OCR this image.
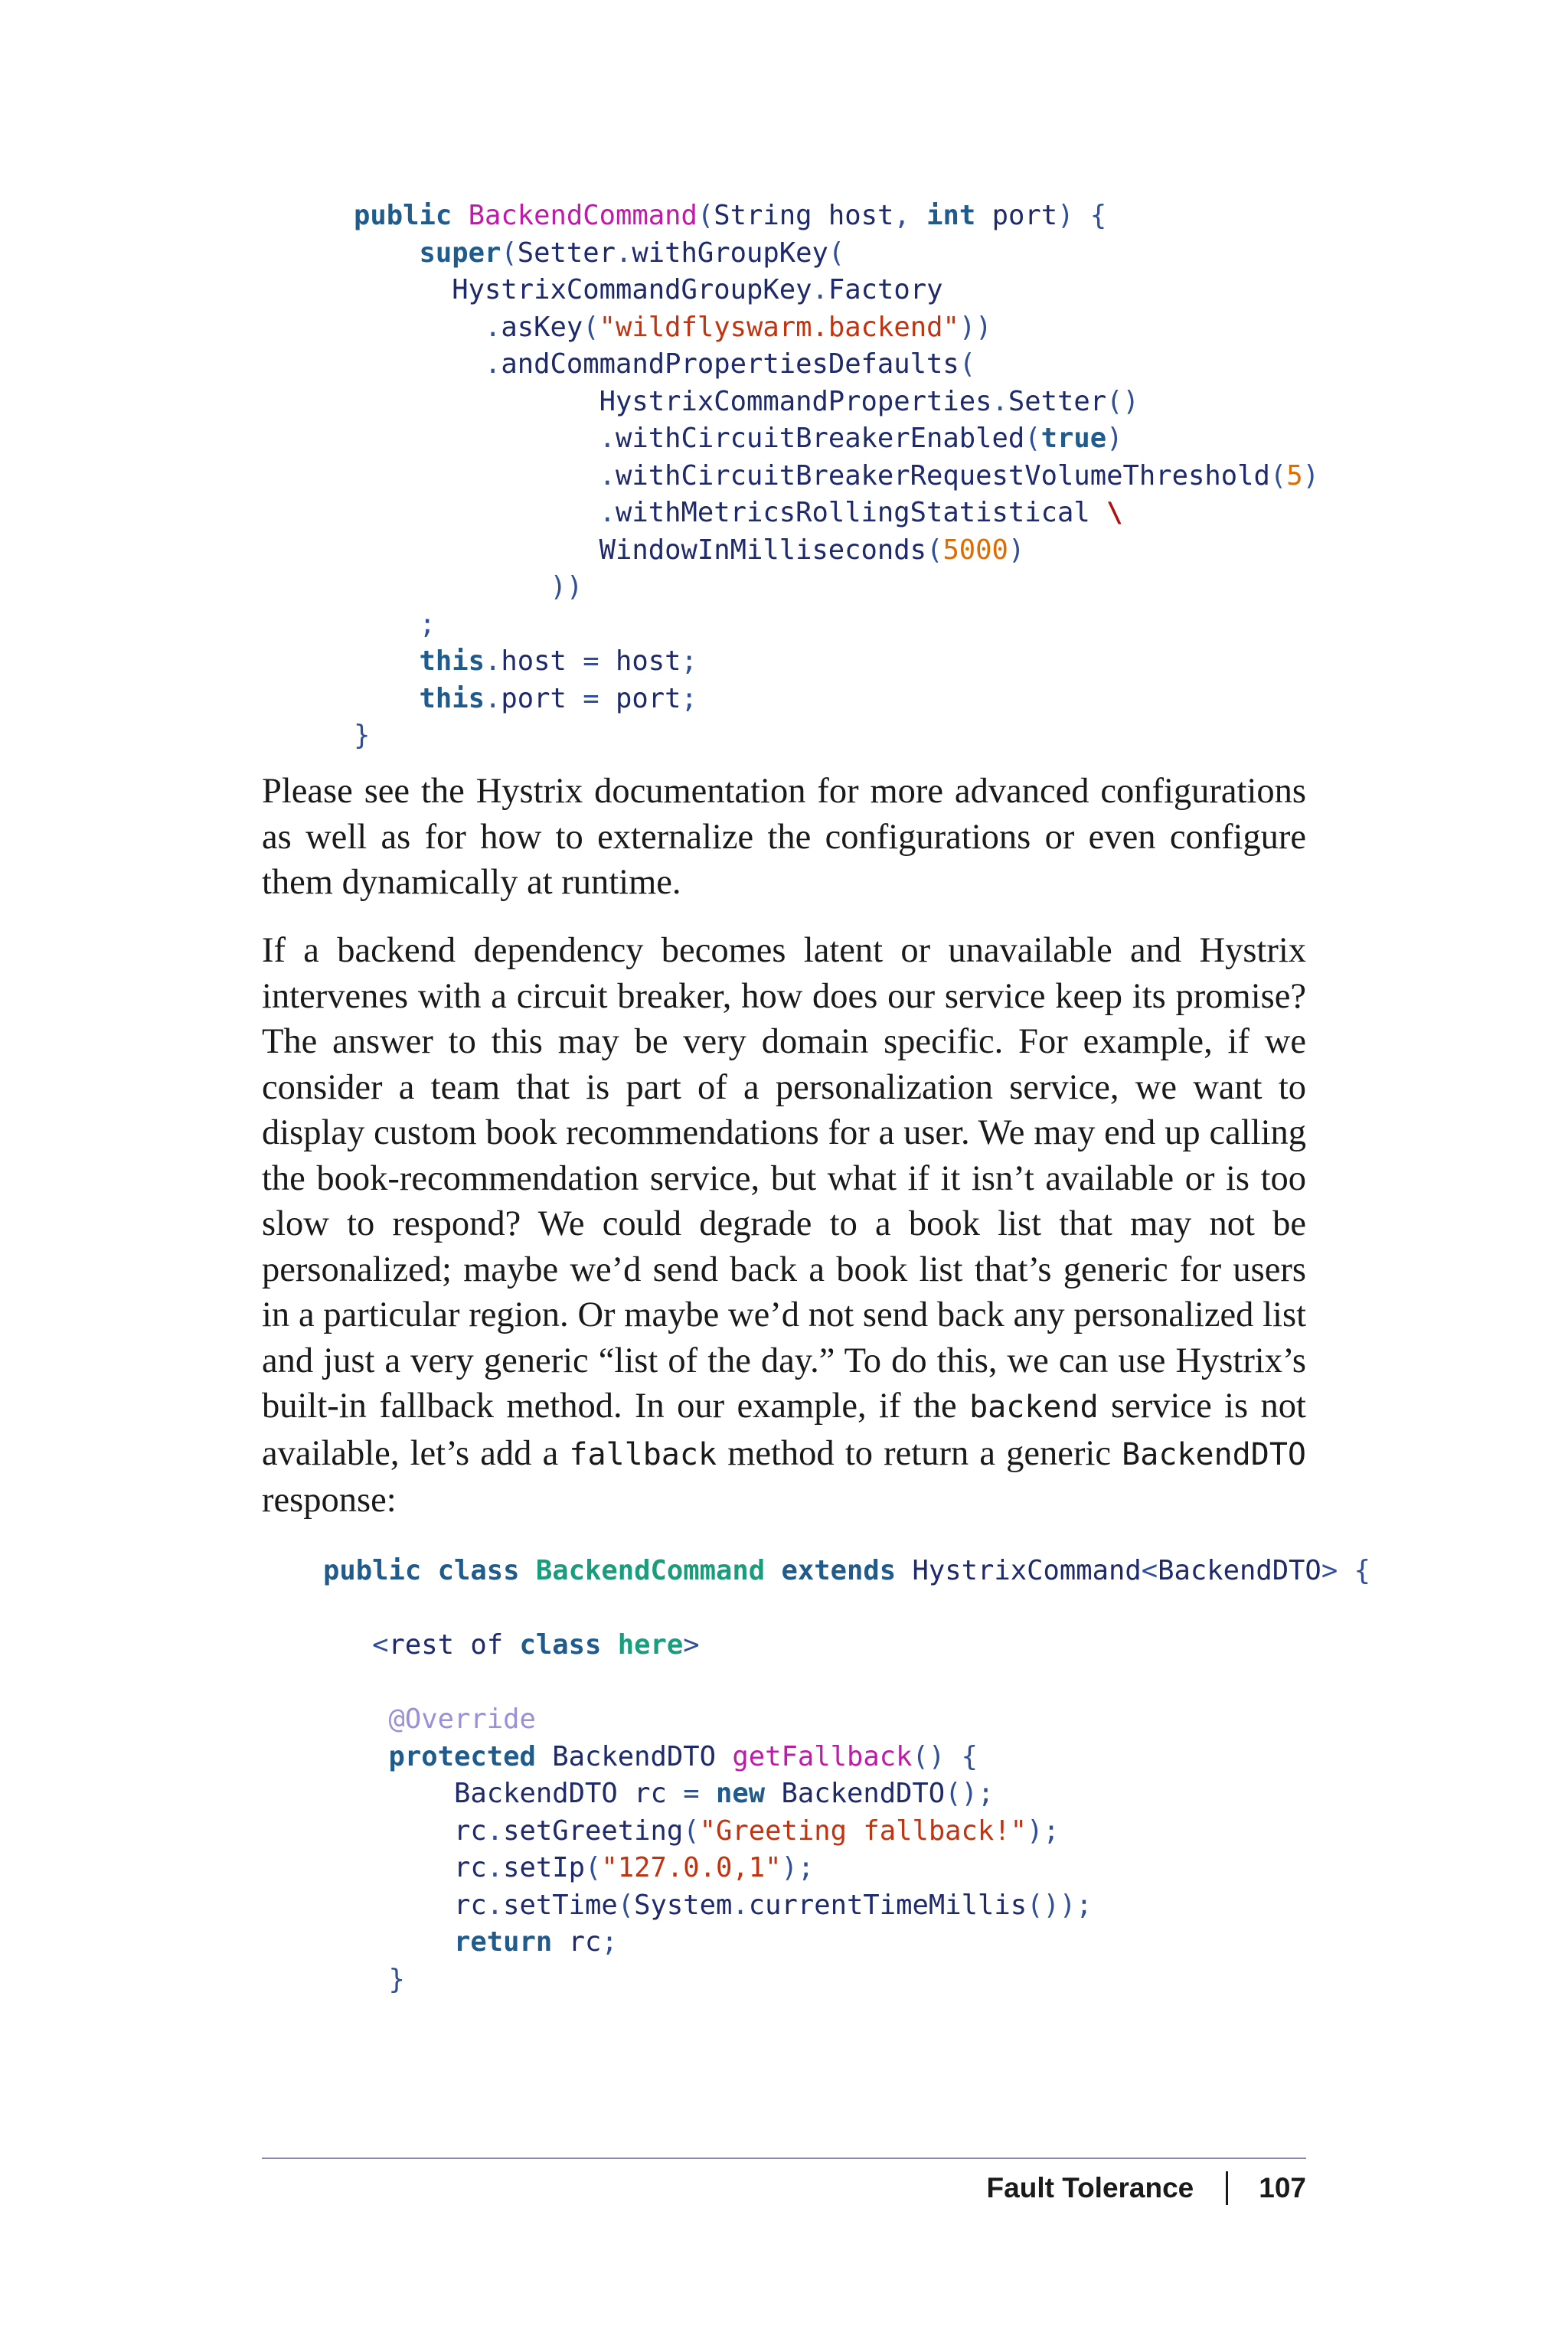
public BackendCommand(String host, int port) {
super(Setter.withGroupKey(
HystrixCommandGroupKey.Factory
.asKey("wildflyswarm.backend"))
.andCommandPropertiesDefaults(
HystrixCommandProperties.Setter()
.withCircuitBreakerEnabled(true)
.withCircuitBreakerRequestVolumeThreshold(5)
.withMetricsRollingStatistical \
WindowInMilliseconds(5000)
))
;
this.host = host;
this.port = port;
}

Please see the Hystrix documentation for more advanced configurations as well as for how to externalize the configurations or even configure them dynamically at runtime.

If a backend dependency becomes latent or unavailable and Hystrix intervenes with a circuit breaker, how does our service keep its promise? The answer to this may be very domain specific. For example, if we consider a team that is part of a personalization service, we want to display custom book recommendations for a user. We may end up calling the book-recommendation service, but what if it isn’t available or is too slow to respond? We could degrade to a book list that may not be personalized; maybe we’d send back a book list that’s generic for users in a particular region. Or maybe we’d not send back any personalized list and just a very generic “list of the day.” To do this, we can use Hystrix’s built-in fallback method. In our example, if the backend service is not available, let’s add a fallback method to return a generic BackendDTO response:

public class BackendCommand extends HystrixCommand<BackendDTO> {

<rest of class here>

@Override
protected BackendDTO getFallback() {
BackendDTO rc = new BackendDTO();
rc.setGreeting("Greeting fallback!");
rc.setIp("127.0.0,1");
rc.setTime(System.currentTimeMillis());
return rc;
}
Fault Tolerance 107
